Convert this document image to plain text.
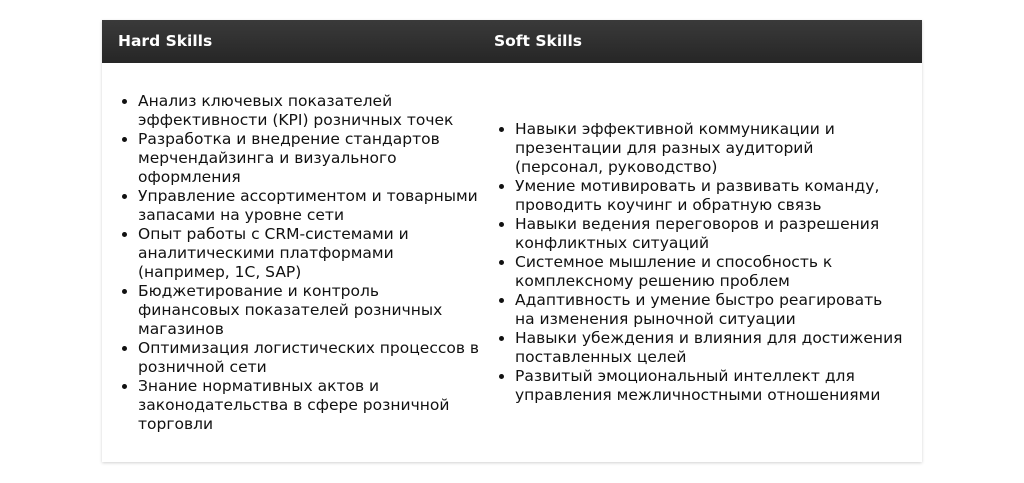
Hard Skills	Soft Skills
• Анализ ключевых показателей эффективности (KPI) розничных точек
• Разработка и внедрение стандартов мерчендайзинга и визуального оформления
• Управление ассортиментом и товарными запасами на уровне сети
• Опыт работы с CRM-системами и аналитическими платформами (например, 1С, SAP)
• Бюджетирование и контроль финансовых показателей розничных магазинов
• Оптимизация логистических процессов в розничной сети
• Знание нормативных актов и законодательства в сфере розничной торговли
• Навыки эффективной коммуникации и презентации для разных аудиторий (персонал, руководство)
• Умение мотивировать и развивать команду, проводить коучинг и обратную связь
• Навыки ведения переговоров и разрешения конфликтных ситуаций
• Системное мышление и способность к комплексному решению проблем
• Адаптивность и умение быстро реагировать на изменения рыночной ситуации
• Навыки убеждения и влияния для достижения поставленных целей
• Развитый эмоциональный интеллект для управления межличностными отношениями
